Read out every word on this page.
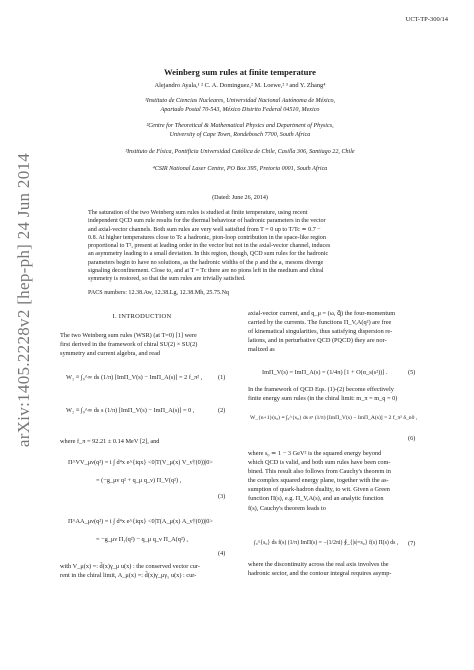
UCT-TP-300/14
arXiv:1405.2228v2 [hep-ph] 24 Jun 2014
Weinberg sum rules at finite temperature
Alejandro Ayala,¹ ² C. A. Dominguez,² M. Loewe,² ³ and Y. Zhang⁴
¹Instituto de Ciencias Nucleares, Universidad Nacional Autónoma de México,
Apartado Postal 70-543, México Distrito Federal 04510, Mexico
²Centre for Theoretical & Mathematical Physics and Department of Physics,
University of Cape Town, Rondebosch 7700, South Africa
³Instituto de Física, Pontificia Universidad Católica de Chile, Casilla 306, Santiago 22, Chile
⁴CSIR National Laser Centre, PO Box 395, Pretoria 0001, South Africa
(Dated: June 26, 2014)
The saturation of the two Weinberg sum rules is studied at finite temperature, using recent
independent QCD sum rule results for the thermal behaviour of hadronic parameters in the vector
and axial-vector channels. Both sum rules are very well satisfied from T = 0 up to T/Tc ≃ 0.7 −
0.8. At higher temperatures close to Tc a hadronic, pion-loop contribution in the space-like region
proportional to T², present at leading order in the vector but not in the axial-vector channel, induces
an asymmetry leading to a small deviation. In this region, though, QCD sum rules for the hadronic
parameters begin to have no solutions, as the hadronic widths of the ρ and the a₁ mesons diverge
signaling deconfinement. Close to, and at T = Tc there are no pions left in the medium and chiral
symmetry is restored, so that the sum rules are trivially satisfied.
PACS numbers: 12.38.Aw, 12.38.Lg, 12.38.Mh, 25.75.Nq
I. INTRODUCTION
The two Weinberg sum rules (WSR) (at T=0) [1] were
first derived in the framework of chiral SU(2) × SU(2)
symmetry and current algebra, and read
W₁ ≡ ∫₀^∞ ds (1/π) [ImΠ_V(s) − ImΠ_A(s)] = 2 f_π² , (1)
W₂ ≡ ∫₀^∞ ds s (1/π) [ImΠ_V(s) − ImΠ_A(s)] = 0 ,	(2)
where f_π = 92.21 ± 0.14 MeV [2], and
Π^VV_μν(q²) = i ∫ d⁴x e^{iqx} <0|T(V_μ(x) V_ν†(0))|0>
= (−g_μν q² + q_μ q_ν) Π_V(q²) ,
(3)
Π^AA_μν(q²) = i ∫ d⁴x e^{iqx} <0|T(A_μ(x) A_ν†(0))|0>
= −g_μν Π₁(q²) − q_μ q_ν Π_A(q²) ,
(4)
with V_μ(x) =: d̄(x)γ_μ u(x) : the conserved vector cur-
rent in the chiral limit, A_μ(x) =: d̄(x)γ_μγ₅ u(x) : cur-
axial-vector current, and q_μ = (ω, q⃗) the four-momentum
carried by the currents. The functions Π_V,A(q²) are free
of kinematical singularities, thus satisfying dispersion re-
lations, and in perturbative QCD (PQCD) they are nor-
malized as
ImΠ_V(s) = ImΠ_A(s) = (1/4π) [1 + O(α_s(s²))] .	(5)
In the framework of QCD Eqs. (1)-(2) become effectively
finite energy sum rules (in the chiral limit: m_π = m_q = 0)
W_{n+1}(s₀) ≡ ∫₀^{s₀} ds sⁿ (1/π) [ImΠ_V(s) − ImΠ_A(s)] = 2 f_π² δ_n0 ,
(6)
where s₀ ≃ 1 − 3 GeV² is the squared energy beyond
which QCD is valid, and both sum rules have been com-
bined. This result also follows from Cauchy's theorem in
the complex squared energy plane, together with the as-
sumption of quark-hadron duality, to wit. Given a Green
function Π(s), e.g. Π_V,A(s), and an analytic function
f(s), Cauchy's theorem leads to
∫₀^{s₀} ds f(s) (1/π) ImΠ(s) = −(1/2πi) ∮_{|s|=s₀} f(s) Π(s) ds , (7)
where the discontinuity across the real axis involves the
hadronic sector, and the contour integral requires asymp-
